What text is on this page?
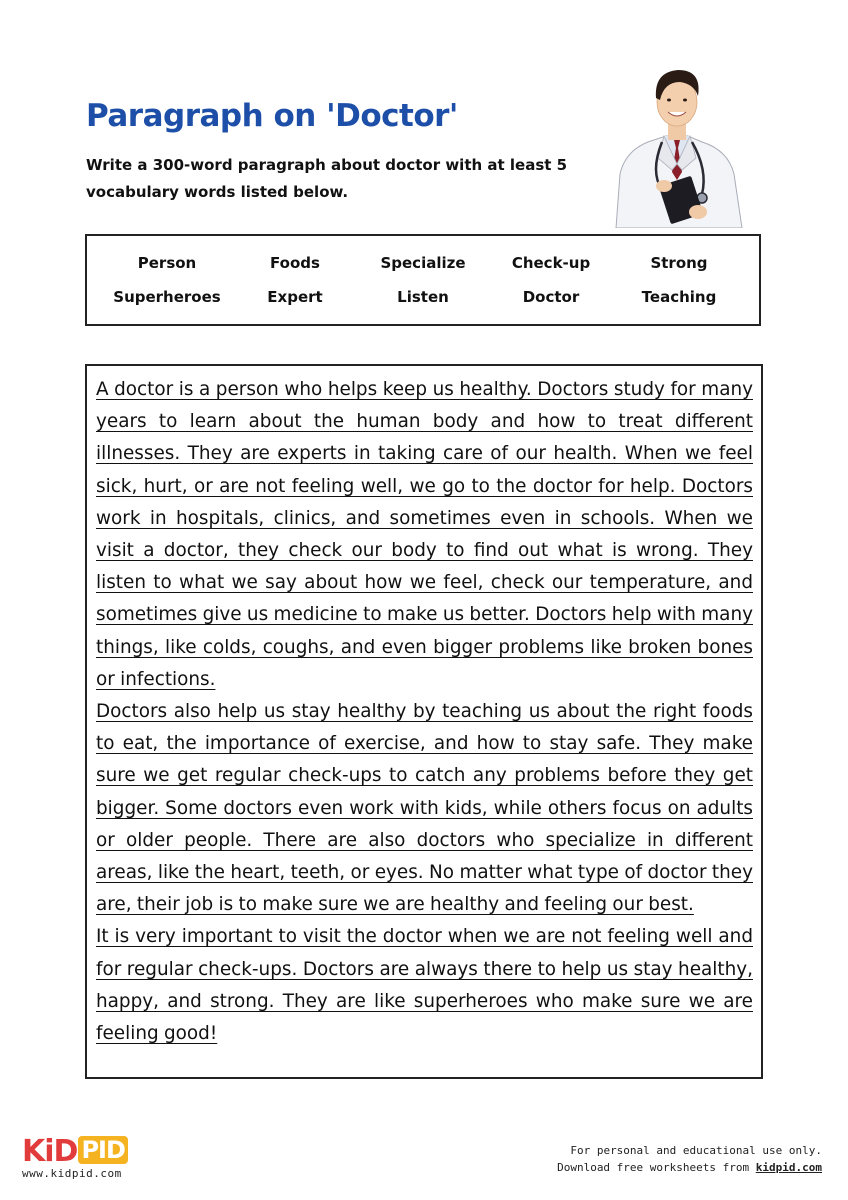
Paragraph on 'Doctor'

Write a 300-word paragraph about doctor with at least 5 vocabulary words listed below.

Person	Foods	Specialize	Check-up	Strong
Superheroes	Expert	Listen	Doctor	Teaching

A doctor is a person who helps keep us healthy. Doctors study for many years to learn about the human body and how to treat different illnesses. They are experts in taking care of our health. When we feel sick, hurt, or are not feeling well, we go to the doctor for help. Doctors work in hospitals, clinics, and sometimes even in schools. When we visit a doctor, they check our body to find out what is wrong. They listen to what we say about how we feel, check our temperature, and sometimes give us medicine to make us better. Doctors help with many things, like colds, coughs, and even bigger problems like broken bones or infections.

Doctors also help us stay healthy by teaching us about the right foods to eat, the importance of exercise, and how to stay safe. They make sure we get regular check-ups to catch any problems before they get bigger. Some doctors even work with kids, while others focus on adults or older people. There are also doctors who specialize in different areas, like the heart, teeth, or eyes. No matter what type of doctor they are, their job is to make sure we are healthy and feeling our best.

It is very important to visit the doctor when we are not feeling well and for regular check-ups. Doctors are always there to help us stay healthy, happy, and strong. They are like superheroes who make sure we are feeling good!

KiD PID
www.kidpid.com
For personal and educational use only.
Download free worksheets from kidpid.com
